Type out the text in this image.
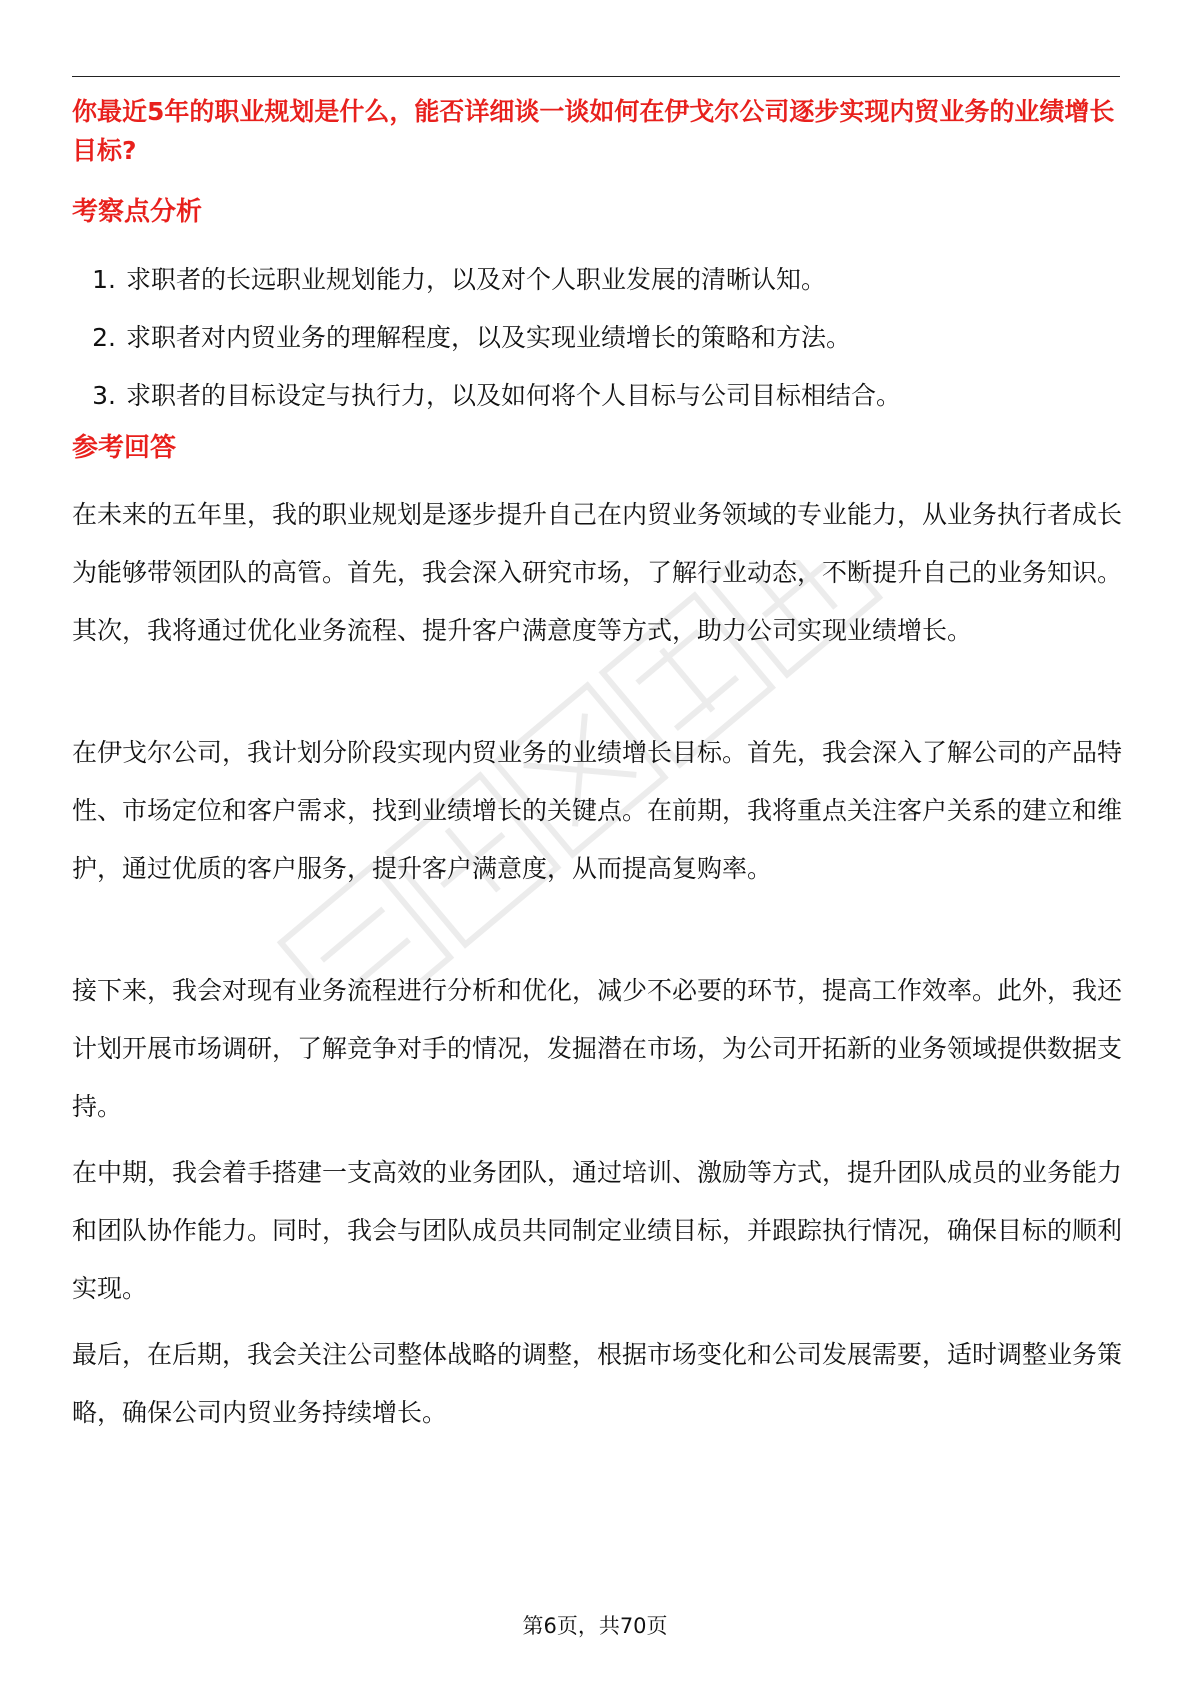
你最近5年的职业规划是什么，能否详细谈一谈如何在伊戈尔公司逐步实现内贸业务的业绩增长目标?
考察点分析
1. 求职者的长远职业规划能力，以及对个人职业发展的清晰认知。
2. 求职者对内贸业务的理解程度，以及实现业绩增长的策略和方法。
3. 求职者的目标设定与执行力，以及如何将个人目标与公司目标相结合。
参考回答

在未来的五年里，我的职业规划是逐步提升自己在内贸业务领域的专业能力，从业务执行者成长为能够带领团队的高管。首先，我会深入研究市场，了解行业动态，不断提升自己的业务知识。其次，我将通过优化业务流程、提升客户满意度等方式，助力公司实现业绩增长。

在伊戈尔公司，我计划分阶段实现内贸业务的业绩增长目标。首先，我会深入了解公司的产品特性、市场定位和客户需求，找到业绩增长的关键点。在前期，我将重点关注客户关系的建立和维护，通过优质的客户服务，提升客户满意度，从而提高复购率。

接下来，我会对现有业务流程进行分析和优化，减少不必要的环节，提高工作效率。此外，我还计划开展市场调研，了解竞争对手的情况，发掘潜在市场，为公司开拓新的业务领域提供数据支持。

在中期，我会着手搭建一支高效的业务团队，通过培训、激励等方式，提升团队成员的业务能力和团队协作能力。同时，我会与团队成员共同制定业绩目标，并跟踪执行情况，确保目标的顺利实现。

最后，在后期，我会关注公司整体战略的调整，根据市场变化和公司发展需要，适时调整业务策略，确保公司内贸业务持续增长。

第6页，共70页
